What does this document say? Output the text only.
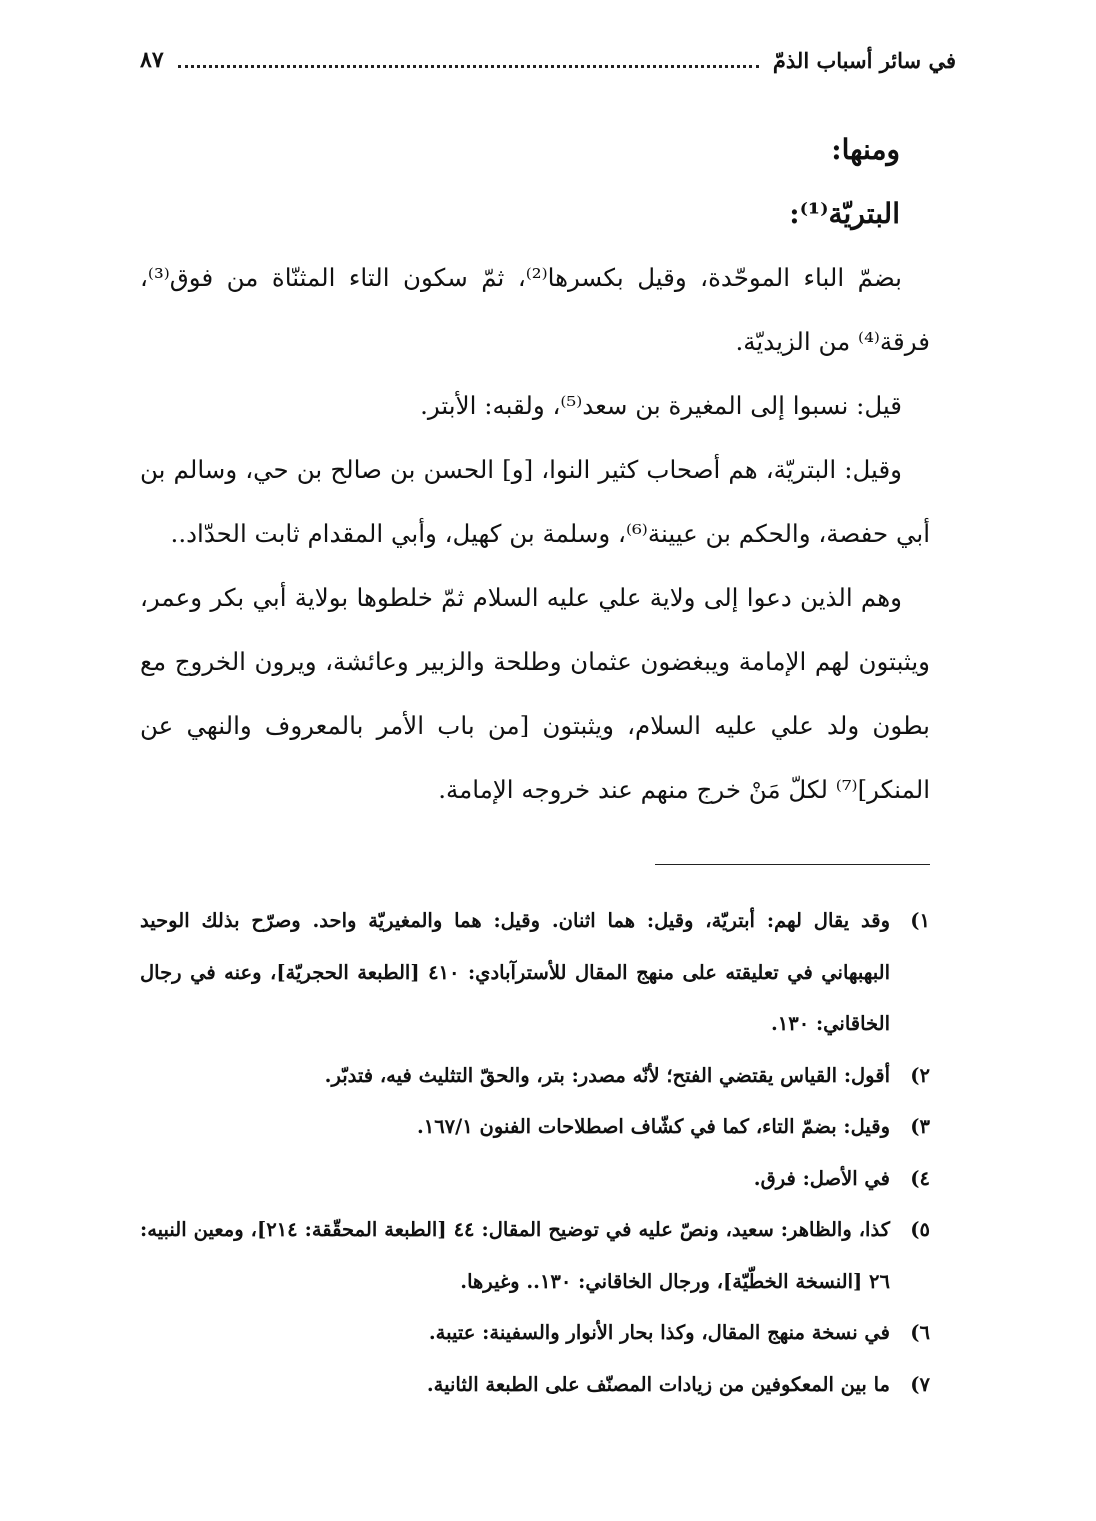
في سائر أسباب الذمّ
٨٧

ومنها:

البتريّة⁽¹⁾:

بضمّ الباء الموحّدة، وقيل بكسرها⁽²⁾، ثمّ سكون التاء المثنّاة من فوق⁽³⁾، فرقة⁽⁴⁾ من الزيديّة.

قيل: نسبوا إلى المغيرة بن سعد⁽⁵⁾، ولقبه: الأبتر.

وقيل: البتريّة، هم أصحاب كثير النوا، [و] الحسن بن صالح بن حي، وسالم بن أبي حفصة، والحكم بن عيينة⁽⁶⁾، وسلمة بن كهيل، وأبي المقدام ثابت الحدّاد..

وهم الذين دعوا إلى ولاية علي عليه السلام ثمّ خلطوها بولاية أبي بكر وعمر، ويثبتون لهم الإمامة ويبغضون عثمان وطلحة والزبير وعائشة، ويرون الخروج مع بطون ولد علي عليه السلام، ويثبتون [من باب الأمر بالمعروف والنهي عن المنكر]⁽⁷⁾ لكلّ مَنْ خرج منهم عند خروجه الإمامة.

١)
وقد يقال لهم: أبتريّة، وقيل: هما اثنان. وقيل: هما والمغيريّة واحد. وصرّح بذلك الوحيد البهبهاني في تعليقته على منهج المقال للأسترآبادي: ٤١٠ [الطبعة الحجريّة]، وعنه في رجال الخاقاني: ١٣٠.
٢)
أقول: القياس يقتضي الفتح؛ لأنّه مصدر: بتر، والحقّ التثليث فيه، فتدبّر.
٣)
وقيل: بضمّ التاء، كما في كشّاف اصطلاحات الفنون ١٦٧/١.
٤)
في الأصل: فرق.
٥)
كذا، والظاهر: سعيد، ونصّ عليه في توضيح المقال: ٤٤ [الطبعة المحقّقة: ٢١٤]، ومعين النبيه: ٢٦ [النسخة الخطّيّة]، ورجال الخاقاني: ١٣٠.. وغيرها.
٦)
في نسخة منهج المقال، وكذا بحار الأنوار والسفينة: عتيبة.
٧)
ما بين المعكوفين من زيادات المصنّف على الطبعة الثانية.
